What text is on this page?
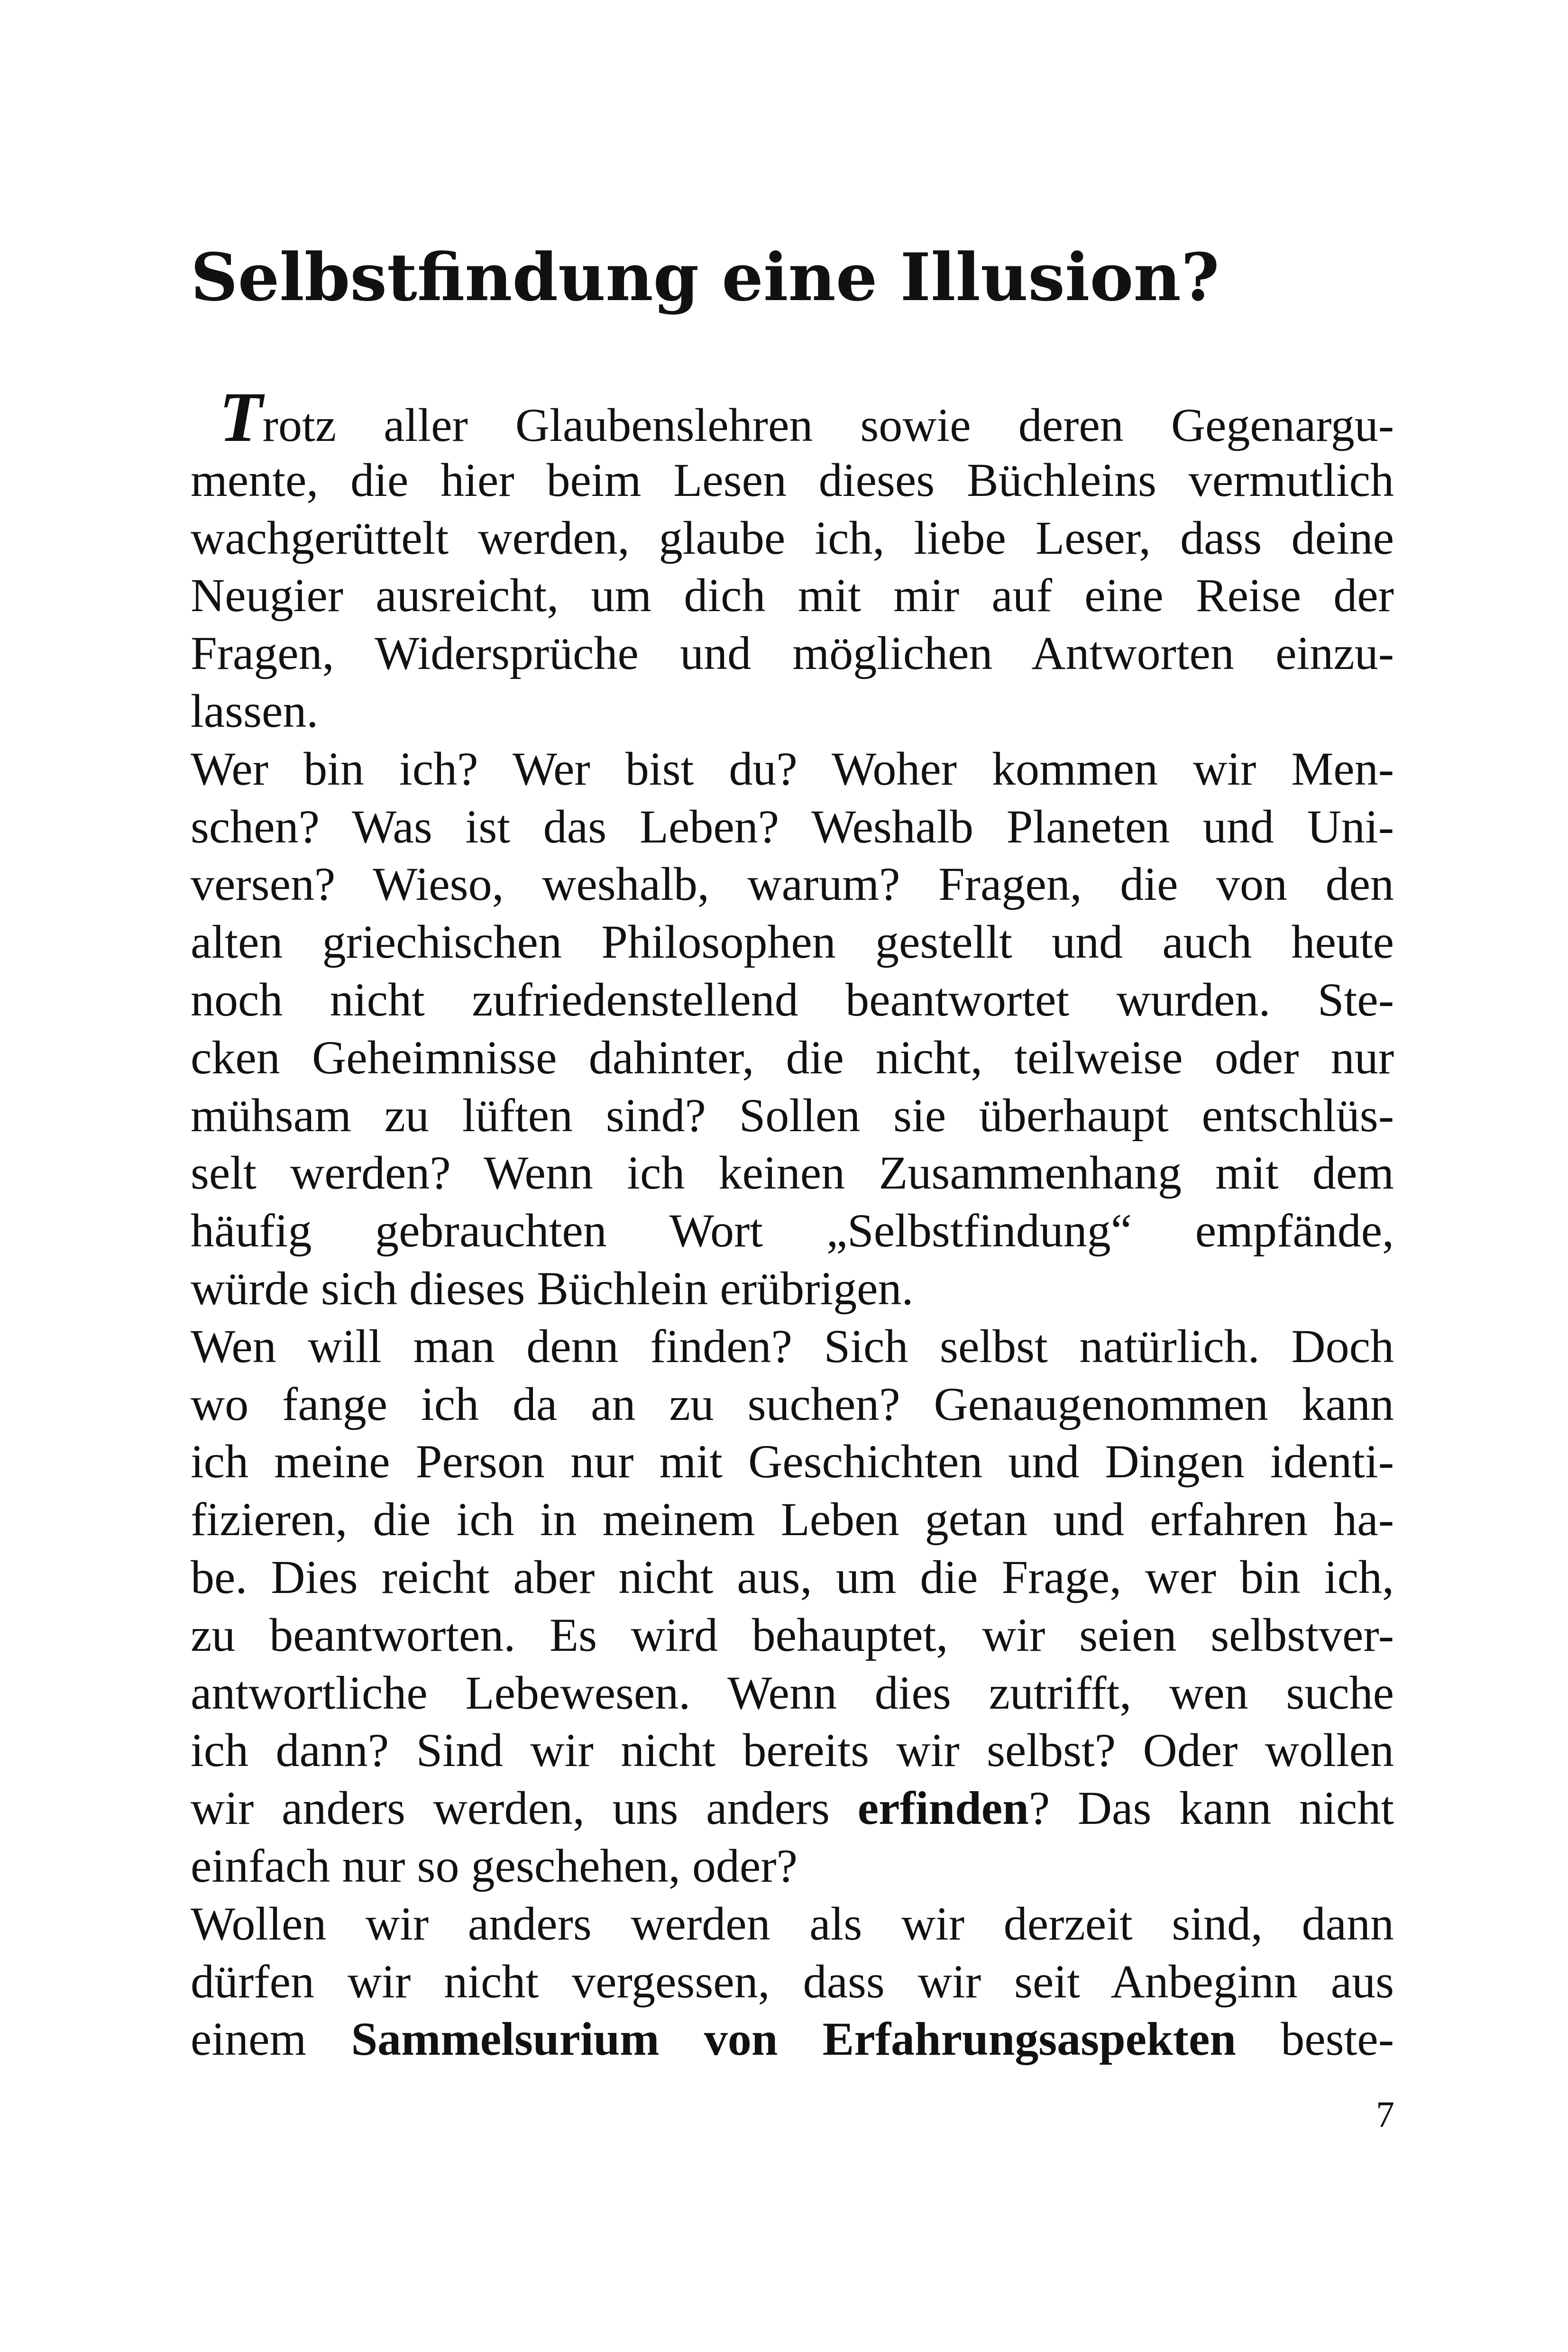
Selbstfindung eine Illusion?
Trotz aller Glaubenslehren sowie deren Gegenargu-
mente, die hier beim Lesen dieses Büchleins vermutlich
wachgerüttelt werden, glaube ich, liebe Leser, dass deine
Neugier ausreicht, um dich mit mir auf eine Reise der
Fragen, Widersprüche und möglichen Antworten einzu-
lassen.
Wer bin ich? Wer bist du? Woher kommen wir Men-
schen? Was ist das Leben? Weshalb Planeten und Uni-
versen? Wieso, weshalb, warum? Fragen, die von den
alten griechischen Philosophen gestellt und auch heute
noch nicht zufriedenstellend beantwortet wurden. Ste-
cken Geheimnisse dahinter, die nicht, teilweise oder nur
mühsam zu lüften sind? Sollen sie überhaupt entschlüs-
selt werden? Wenn ich keinen Zusammenhang mit dem
häufig gebrauchten Wort „Selbstfindung“ empfände,
würde sich dieses Büchlein erübrigen.
Wen will man denn finden? Sich selbst natürlich. Doch
wo fange ich da an zu suchen? Genaugenommen kann
ich meine Person nur mit Geschichten und Dingen identi-
fizieren, die ich in meinem Leben getan und erfahren ha-
be. Dies reicht aber nicht aus, um die Frage, wer bin ich,
zu beantworten. Es wird behauptet, wir seien selbstver-
antwortliche Lebewesen. Wenn dies zutrifft, wen suche
ich dann? Sind wir nicht bereits wir selbst? Oder wollen
wir anders werden, uns anders erfinden? Das kann nicht
einfach nur so geschehen, oder?
Wollen wir anders werden als wir derzeit sind, dann
dürfen wir nicht vergessen, dass wir seit Anbeginn aus
einem Sammelsurium von Erfahrungsaspekten beste-
7
